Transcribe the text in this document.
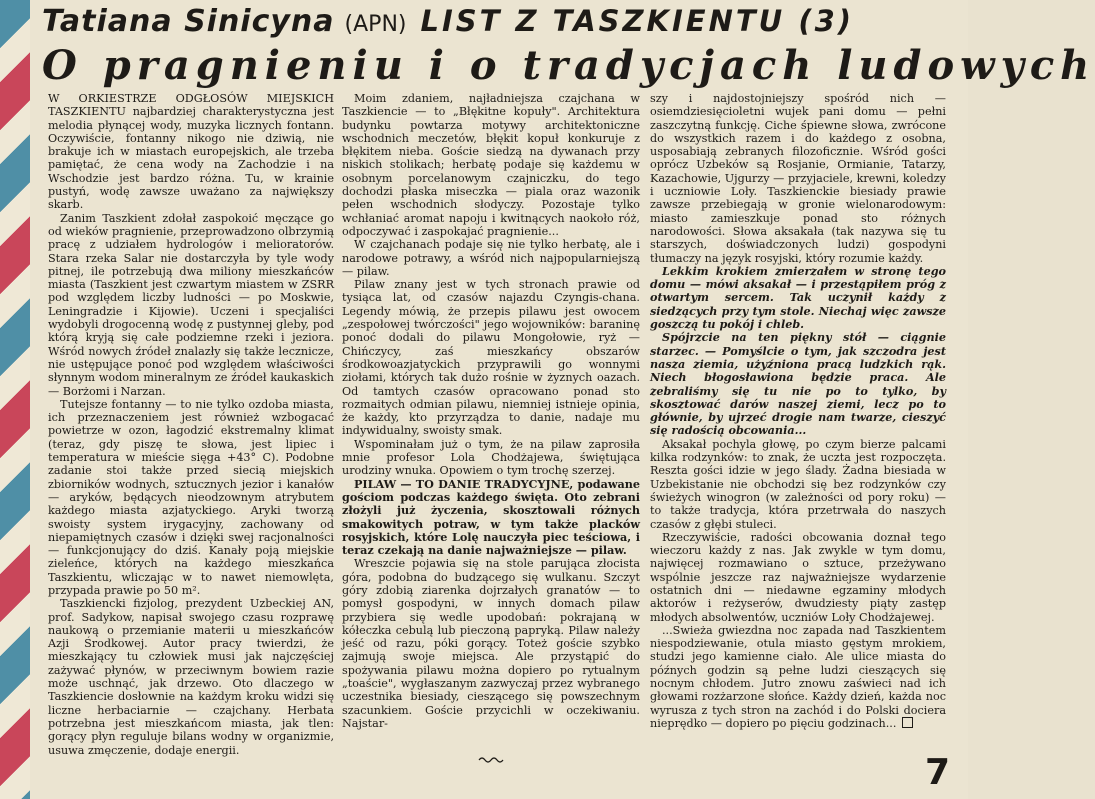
Tatiana Sinicyna (APN) LIST Z TASZKIENTU (3)
O pragnieniu i o tradycjach ludowych

W ORKIESTRZE ODGŁOSÓW MIEJSKICH TASZKIENTU najbardziej charakterystyczna jest melodia płynącej wody, muzyka licznych fontann. Oczywiście, fontanny nikogo nie dziwią, nie brakuje ich w miastach europejskich, ale trzeba pamiętać, że cena wody na Zachodzie i na Wschodzie jest bardzo różna. Tu, w krainie pustyń, wodę zawsze uważano za największy skarb.

Zanim Taszkient zdołał zaspokoić męczące go od wieków pragnienie, przeprowadzono olbrzymią pracę z udziałem hydrologów i melioratorów. Stara rzeka Salar nie dostarczyła by tyle wody pitnej, ile potrzebują dwa miliony mieszkańców miasta (Taszkient jest czwartym miastem w ZSRR pod względem liczby ludności — po Moskwie, Leningradzie i Kijowie). Uczeni i specjaliści wydobyli drogocenną wodę z pustynnej gleby, pod którą kryją się całe podziemne rzeki i jeziora. Wśród nowych źródeł znalazły się także lecznicze, nie ustępujące ponoć pod względem właściwości słynnym wodom mineralnym ze źródeł kaukaskich — Borżomi i Narzan.

Tutejsze fontanny — to nie tylko ozdoba miasta, ich przeznaczeniem jest również wzbogacać powietrze w ozon, łagodzić ekstremalny klimat (teraz, gdy piszę te słowa, jest lipiec i temperatura w mieście sięga +43° C). Podobne zadanie stoi także przed siecią miejskich zbiorników wodnych, sztucznych jezior i kanałów — aryków, będących nieodzownym atrybutem każdego miasta azjatyckiego. Aryki tworzą swoisty system irygacyjny, zachowany od niepamiętnych czasów i dzięki swej racjonalności — funkcjonujący do dziś. Kanały poją miejskie zieleńce, których na każdego mieszkańca Taszkientu, wliczając w to nawet niemowlęta, przypada prawie po 50 m².

Taszkiencki fizjolog, prezydent Uzbeckiej AN, prof. Sadykow, napisał swojego czasu rozprawę naukową o przemianie materii u mieszkańców Azji Środkowej. Autor pracy twierdzi, że mieszkający tu człowiek musi jak najczęściej zażywać płynów, w przeciwnym bowiem razie może uschnąć, jak drzewo. Oto dlaczego w Taszkiencie dosłownie na każdym kroku widzi się liczne herbaciarnie — czajchany. Herbata potrzebna jest mieszkańcom miasta, jak tlen: gorący płyn reguluje bilans wodny w organizmie, usuwa zmęczenie, dodaje energii.

Moim zdaniem, najładniejsza czajchana w Taszkiencie — to „Błękitne kopuły". Architektura budynku powtarza motywy architektoniczne wschodnich meczetów, błękit kopuł konkuruje z błękitem nieba. Goście siedzą na dywanach przy niskich stolikach; herbatę podaje się każdemu w osobnym porcelanowym czajniczku, do tego dochodzi płaska miseczka — piala oraz wazonik pełen wschodnich słodyczy. Pozostaje tylko wchłaniać aromat napoju i kwitnących naokoło róż, odpoczywać i zaspokajać pragnienie...

W czajchanach podaje się nie tylko herbatę, ale i narodowe potrawy, a wśród nich najpopularniejszą — pilaw.

Pilaw znany jest w tych stronach prawie od tysiąca lat, od czasów najazdu Czyngis-chana. Legendy mówią, że przepis pilawu jest owocem „zespołowej twórczości" jego wojowników: baraninę ponoć dodali do pilawu Mongołowie, ryż — Chińczycy, zaś mieszkańcy obszarów środkowoazjatyckich przyprawili go wonnymi ziołami, których tak dużo rośnie w żyznych oazach. Od tamtych czasów opracowano ponad sto rozmaitych odmian pilawu, niemniej istnieje opinia, że każdy, kto przyrządza to danie, nadaje mu indywidualny, swoisty smak.

Wspominałam już o tym, że na pilaw zaprosiła mnie profesor Lola Chodżajewa, świętująca urodziny wnuka. Opowiem o tym trochę szerzej.

PILAW — TO DANIE TRADYCYJNE, podawane gościom podczas każdego święta. Oto zebrani złożyli już życzenia, skosztowali różnych smakowitych potraw, w tym także placków rosyjskich, które Lolę nauczyła piec teściowa, i teraz czekają na danie najważniejsze — pilaw.

Wreszcie pojawia się na stole parująca złocista góra, podobna do budzącego się wulkanu. Szczyt góry zdobią ziarenka dojrzałych granatów — to pomysł gospodyni, w innych domach pilaw przybiera się wedle upodobań: pokrajaną w kółeczka cebulą lub pieczoną papryką. Pilaw należy jeść od razu, póki gorący. Toteż goście szybko zajmują swoje miejsca. Ale przystąpić do spożywania pilawu można dopiero po rytualnym „toaście", wygłaszanym zazwyczaj przez wybranego uczestnika biesiady, cieszącego się powszechnym szacunkiem. Goście przycichli w oczekiwaniu. Najstar-

szy i najdostojniejszy spośród nich — osiemdziesięcioletni wujek pani domu — pełni zaszczytną funkcję. Ciche śpiewne słowa, zwrócone do wszystkich razem i do każdego z osobna, usposabiają zebranych filozoficznie. Wśród gości oprócz Uzbeków są Rosjanie, Ormianie, Tatarzy, Kazachowie, Ujgurzy — przyjaciele, krewni, koledzy i uczniowie Loły. Taszkienckie biesiady prawie zawsze przebiegają w gronie wielonarodowym: miasto zamieszkuje ponad sto różnych narodowości. Słowa aksakała (tak nazywa się tu starszych, doświadczonych ludzi) gospodyni tłumaczy na język rosyjski, który rozumie każdy.

Lekkim krokiem zmierzałem w stronę tego domu — mówi aksakał — i przestąpiłem próg z otwartym sercem. Tak uczynił każdy z siedzących przy tym stole. Niechaj więc zawsze goszczą tu pokój i chleb.

Spójrzcie na ten piękny stół — ciągnie starzec. — Pomyślcie o tym, jak szczodra jest nasza ziemia, użyźniona pracą ludzkich rąk. Niech błogosławiona będzie praca. Ale zebraliśmy się tu nie po to tylko, by skosztować darów naszej ziemi, lecz po to głównie, by ujrzeć drogie nam twarze, cieszyć się radością obcowania...

Aksakał pochyla głowę, po czym bierze palcami kilka rodzynków: to znak, że uczta jest rozpoczęta. Reszta gości idzie w jego ślady. Żadna biesiada w Uzbekistanie nie obchodzi się bez rodzynków czy świeżych winogron (w zależności od pory roku) — to także tradycja, która przetrwała do naszych czasów z głębi stuleci.

Rzeczywiście, radości obcowania doznał tego wieczoru każdy z nas. Jak zwykle w tym domu, najwięcej rozmawiano o sztuce, przeżywano wspólnie jeszcze raz najważniejsze wydarzenie ostatnich dni — niedawne egzaminy młodych aktorów i reżyserów, dwudziesty piąty zastęp młodych absolwentów, uczniów Loły Chodżajewej.

...Swieża gwiezdna noc zapada nad Taszkientem niespodziewanie, otula miasto gęstym mrokiem, studzi jego kamienne ciało. Ale ulice miasta do późnych godzin są pełne ludzi cieszących się nocnym chłodem. Jutro znowu zaświeci nad ich głowami rozżarzone słońce. Każdy dzień, każda noc wyrusza z tych stron na zachód i do Polski dociera nieprędko — dopiero po pięciu godzinach...

7
